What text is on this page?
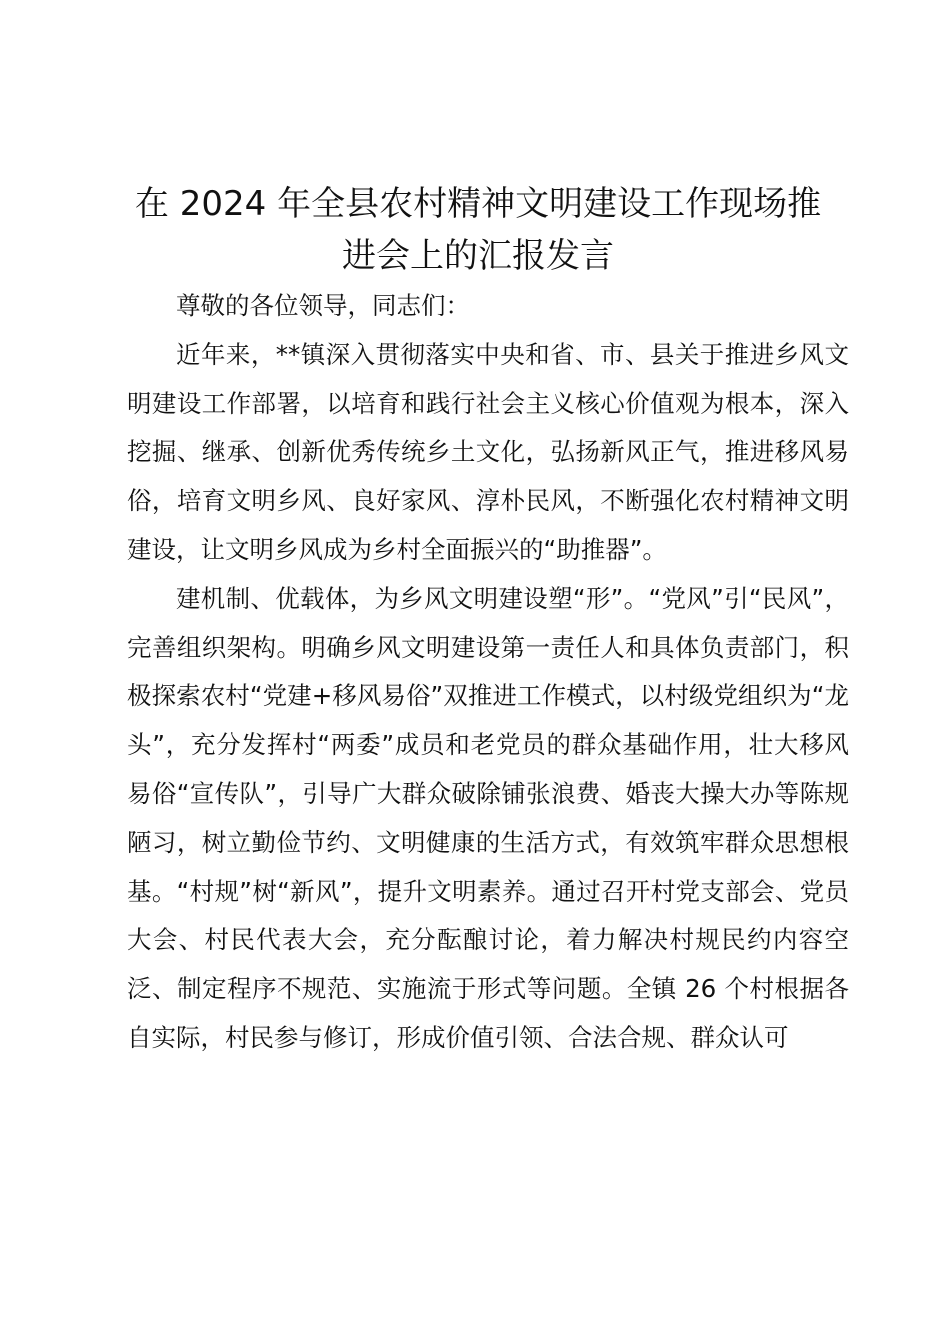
在 2024 年全县农村精神文明建设工作现场推进会上的汇报发言

尊敬的各位领导，同志们：

近年来，**镇深入贯彻落实中央和省、市、县关于推进乡风文明建设工作部署，以培育和践行社会主义核心价值观为根本，深入挖掘、继承、创新优秀传统乡土文化，弘扬新风正气，推进移风易俗，培育文明乡风、良好家风、淳朴民风，不断强化农村精神文明建设，让文明乡风成为乡村全面振兴的“助推器”。

建机制、优载体，为乡风文明建设塑“形”。“党风”引“民风”，完善组织架构。明确乡风文明建设第一责任人和具体负责部门，积极探索农村“党建+移风易俗”双推进工作模式，以村级党组织为“龙头”，充分发挥村“两委”成员和老党员的群众基础作用，壮大移风易俗“宣传队”，引导广大群众破除铺张浪费、婚丧大操大办等陈规陋习，树立勤俭节约、文明健康的生活方式，有效筑牢群众思想根基。“村规”树“新风”，提升文明素养。通过召开村党支部会、党员大会、村民代表大会，充分酝酿讨论，着力解决村规民约内容空泛、制定程序不规范、实施流于形式等问题。全镇 26 个村根据各自实际，村民参与修订，形成价值引领、合法合规、群众认可
